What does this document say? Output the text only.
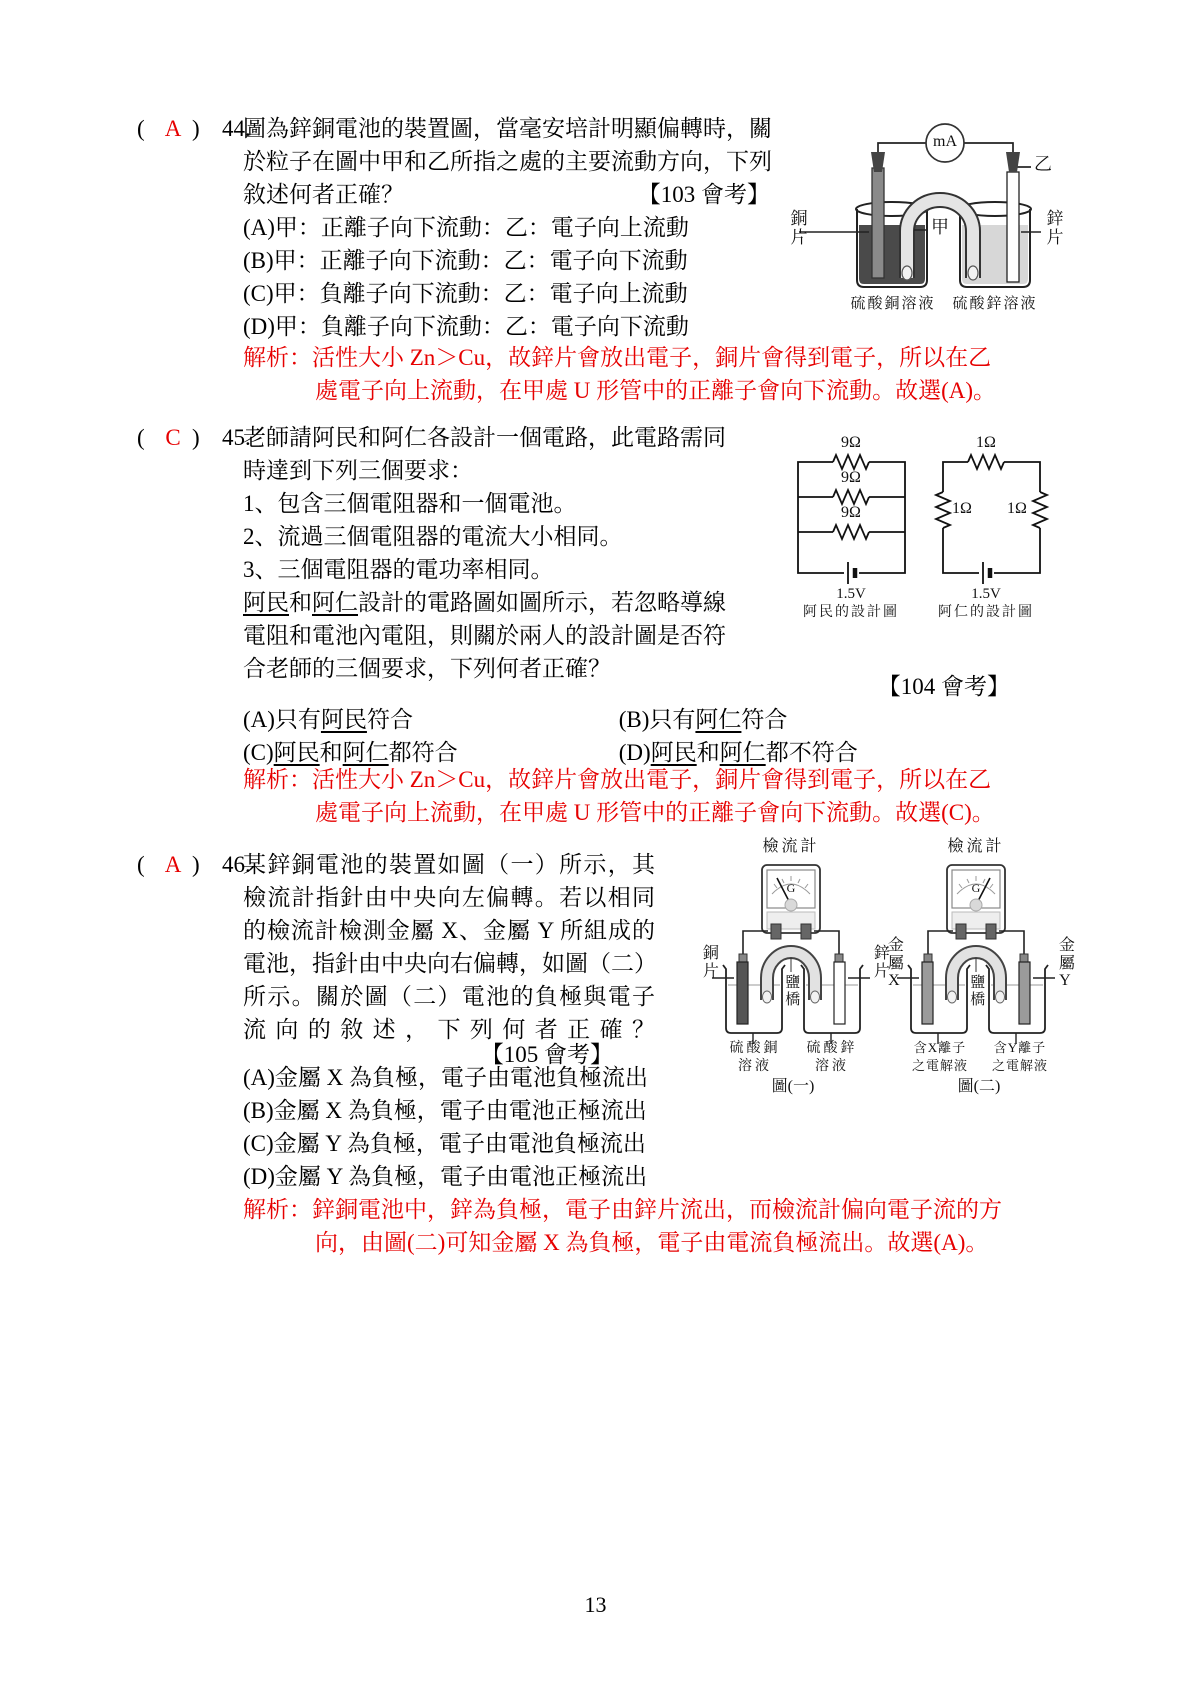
( A ) 44.
圖為鋅銅電池的裝置圖，當毫安培計明顯偏轉時，關
於粒子在圖中甲和乙所指之處的主要流動方向，下列
敘述何者正確？	【103 會考】
(A)甲：正離子向下流動：乙：電子向上流動
(B)甲：正離子向下流動：乙：電子向下流動
(C)甲：負離子向下流動：乙：電子向上流動
(D)甲：負離子向下流動：乙：電子向下流動
解析：活性大小 Zn＞Cu，故鋅片會放出電子，銅片會得到電子，所以在乙
處電子向上流動，在甲處 U 形管中的正離子會向下流動。故選(A)。
mA
乙
甲
銅片	鋅片
硫酸銅溶液 硫酸鋅溶液
( C ) 45.
老師請阿民和阿仁各設計一個電路，此電路需同
時達到下列三個要求：
1、包含三個電阻器和一個電池。
2、流過三個電阻器的電流大小相同。
3、三個電阻器的電功率相同。
阿民和阿仁設計的電路圖如圖所示，若忽略導線
電阻和電池內電阻，則關於兩人的設計圖是否符
合老師的三個要求，下列何者正確？
【104 會考】
(A)只有阿民符合	(B)只有阿仁符合
(C)阿民和阿仁都符合	(D)阿民和阿仁都不符合
解析：活性大小 Zn＞Cu，故鋅片會放出電子，銅片會得到電子，所以在乙
處電子向上流動，在甲處 U 形管中的正離子會向下流動。故選(C)。
9Ω
9Ω
9Ω
1Ω
1Ω 1Ω
1.5V	1.5V
阿民的設計圖	阿仁的設計圖
( A ) 46.
某鋅銅電池的裝置如圖（一）所示，其
檢流計指針由中央向左偏轉。若以相同
的檢流計檢測金屬 X、金屬 Y 所組成的
電池，指針由中央向右偏轉，如圖（二）
所示。關於圖（二）電池的負極與電子
流向的敘述，下列何者正確？
【105 會考】
(A)金屬 X 為負極，電子由電池負極流出
(B)金屬 X 為負極，電子由電池正極流出
(C)金屬 Y 為負極，電子由電池負極流出
(D)金屬 Y 為負極，電子由電池正極流出
解析：鋅銅電池中，鋅為負極，電子由鋅片流出，而檢流計偏向電子流的方
向，由圖(二)可知金屬 X 為負極，電子由電流負極流出。故選(A)。
檢流計
G
銅片
鹽橋
鋅片
硫酸銅
溶液
硫酸鋅
溶液
圖(一)
檢流計
G
金屬X	鹽橋	金屬Y
含X離子
之電解液
含Y離子
之電解液
圖(二)
13
